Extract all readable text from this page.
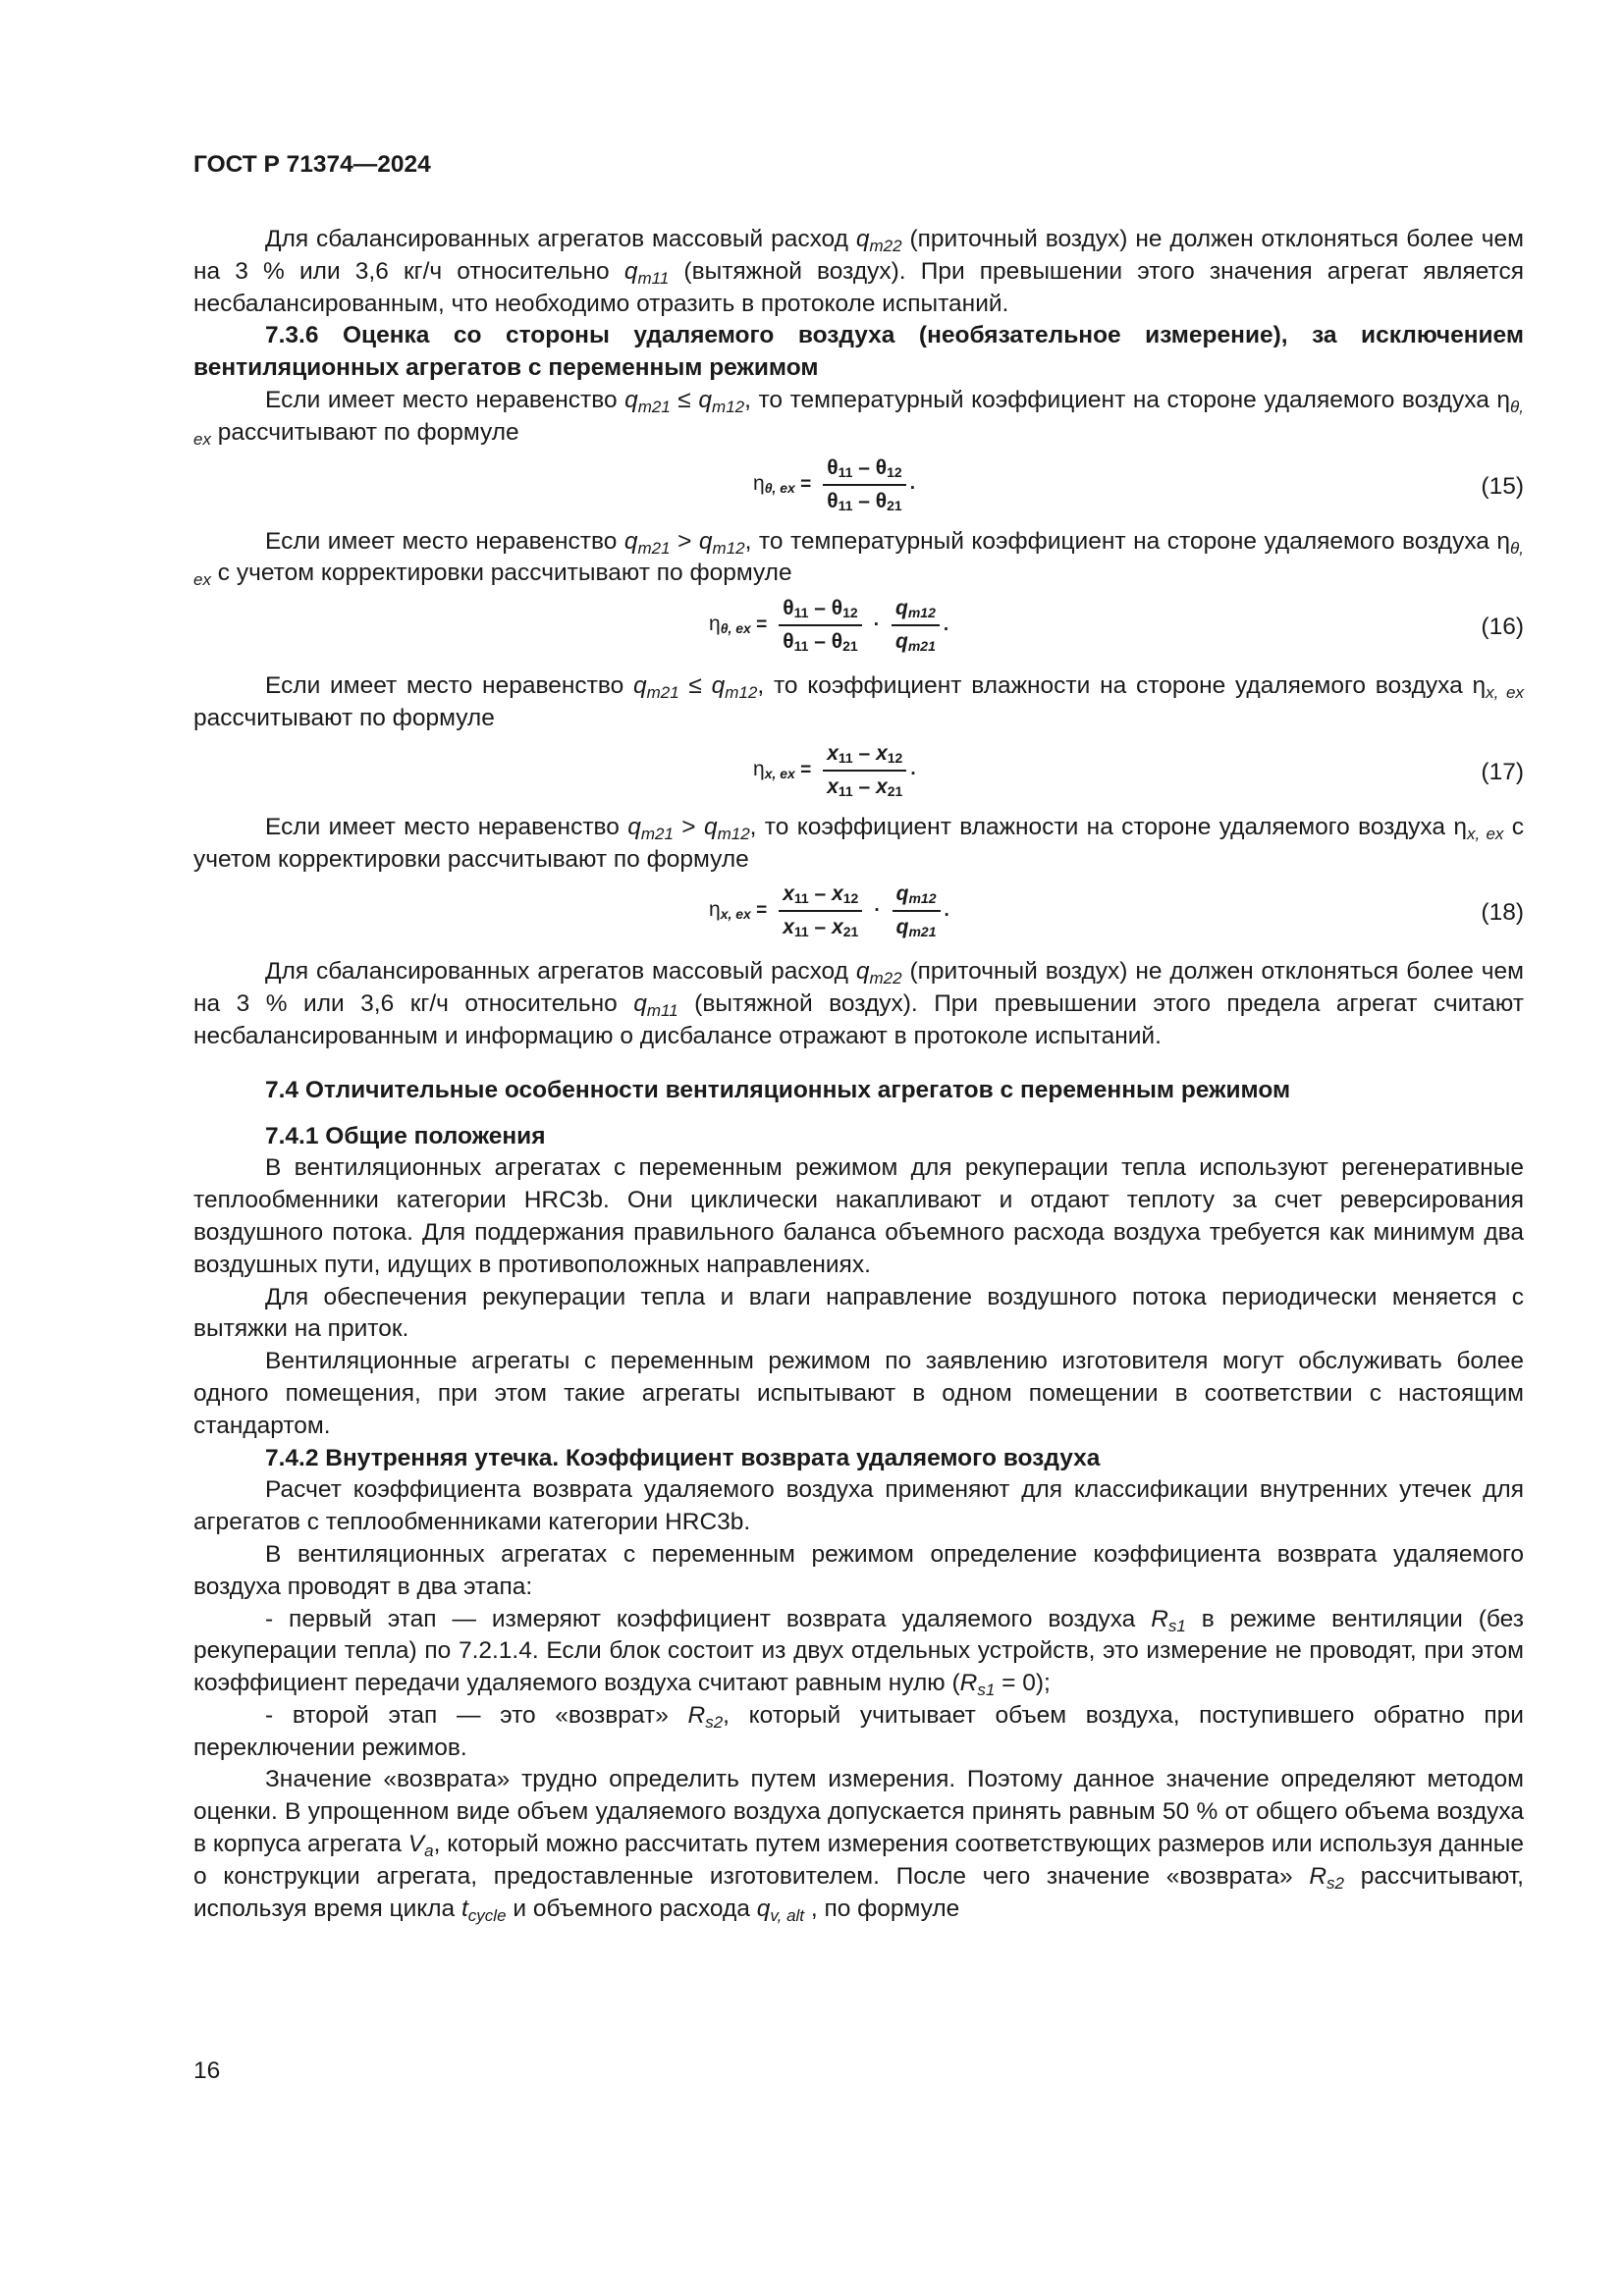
ГОСТ Р 71374—2024

Для сбалансированных агрегатов массовый расход $q_{m22}$ (приточный воздух) не должен отклоняться более чем на 3 % или 3,6 кг/ч относительно $q_{m11}$ (вытяжной воздух). При превышении этого значения агрегат является несбалансированным, что необходимо отразить в протоколе испытаний.

7.3.6 Оценка со стороны удаляемого воздуха (необязательное измерение), за исключением вентиляционных агрегатов с переменным режимом

Если имеет место неравенство $q_{m21} \le q_{m12}$, то температурный коэффициент на стороне удаляемого воздуха $\eta_{\theta, ex}$ рассчитывают по формуле

$\eta_{\theta, ex} = \frac{\theta_{11} - \theta_{12}}{\theta_{11} - \theta_{21}}$ .	(15)

Если имеет место неравенство $q_{m21} > q_{m12}$, то температурный коэффициент на стороне удаляемого воздуха $\eta_{\theta, ex}$ с учетом корректировки рассчитывают по формуле

$\eta_{\theta, ex} = \frac{\theta_{11} - \theta_{12}}{\theta_{11} - \theta_{21}} \cdot \frac{q_{m12}}{q_{m21}}$ .	(16)

Если имеет место неравенство $q_{m21} \le q_{m12}$, то коэффициент влажности на стороне удаляемого воздуха $\eta_{x, ex}$ рассчитывают по формуле

$\eta_{x, ex} = \frac{x_{11} - x_{12}}{x_{11} - x_{21}}$ .	(17)

Если имеет место неравенство $q_{m21} > q_{m12}$, то коэффициент влажности на стороне удаляемого воздуха $\eta_{x, ex}$ с учетом корректировки рассчитывают по формуле

$\eta_{x, ex} = \frac{x_{11} - x_{12}}{x_{11} - x_{21}} \cdot \frac{q_{m12}}{q_{m21}}$ .	(18)

Для сбалансированных агрегатов массовый расход $q_{m22}$ (приточный воздух) не должен отклоняться более чем на 3 % или 3,6 кг/ч относительно $q_{m11}$ (вытяжной воздух). При превышении этого предела агрегат считают несбалансированным и информацию о дисбалансе отражают в протоколе испытаний.

7.4 Отличительные особенности вентиляционных агрегатов с переменным режимом

7.4.1 Общие положения

В вентиляционных агрегатах с переменным режимом для рекуперации тепла используют регенеративные теплообменники категории HRC3b. Они циклически накапливают и отдают теплоту за счет реверсирования воздушного потока. Для поддержания правильного баланса объемного расхода воздуха требуется как минимум два воздушных пути, идущих в противоположных направлениях.

Для обеспечения рекуперации тепла и влаги направление воздушного потока периодически меняется с вытяжки на приток.

Вентиляционные агрегаты с переменным режимом по заявлению изготовителя могут обслуживать более одного помещения, при этом такие агрегаты испытывают в одном помещении в соответствии с настоящим стандартом.

7.4.2 Внутренняя утечка. Коэффициент возврата удаляемого воздуха

Расчет коэффициента возврата удаляемого воздуха применяют для классификации внутренних утечек для агрегатов с теплообменниками категории HRC3b.

В вентиляционных агрегатах с переменным режимом определение коэффициента возврата удаляемого воздуха проводят в два этапа:

- первый этап — измеряют коэффициент возврата удаляемого воздуха $R_{s1}$ в режиме вентиляции (без рекуперации тепла) по 7.2.1.4. Если блок состоит из двух отдельных устройств, это измерение не проводят, при этом коэффициент передачи удаляемого воздуха считают равным нулю $(R_{s1} = 0)$;

- второй этап — это «возврат» $R_{s2}$, который учитывает объем воздуха, поступившего обратно при переключении режимов.

Значение «возврата» трудно определить путем измерения. Поэтому данное значение определяют методом оценки. В упрощенном виде объем удаляемого воздуха допускается принять равным 50 % от общего объема воздуха в корпуса агрегата $V_a$, который можно рассчитать путем измерения соответствующих размеров или используя данные о конструкции агрегата, предоставленные изготовителем. После чего значение «возврата» $R_{s2}$ рассчитывают, используя время цикла $t_{cycle}$ и объемного расхода $q_{v, alt}$ , по формуле

16
